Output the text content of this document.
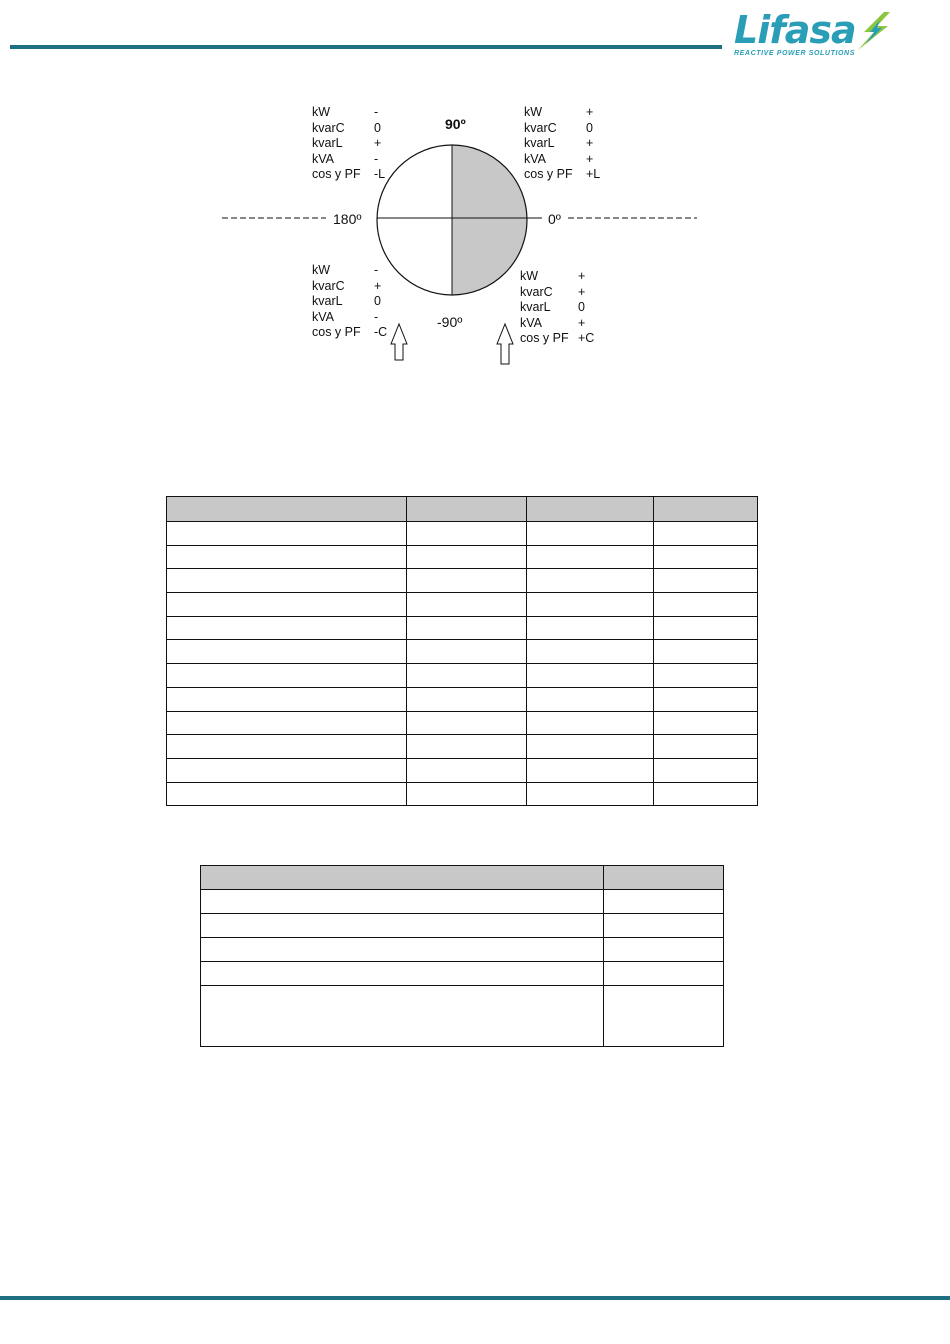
Lifasa
REACTIVE POWER SOLUTIONS
90º
0º
-90º
180º
kW	-
kvarC	0
kvarL	+
kVA	-
cos y PF	-L
kW	+
kvarC	0
kvarL	+
kVA	+
cos y PF	+L
kW	-
kvarC	+
kvarL	0
kVA	-
cos y PF	-C
kW	+
kvarC	+
kvarL	0
kVA	+
cos y PF +C
